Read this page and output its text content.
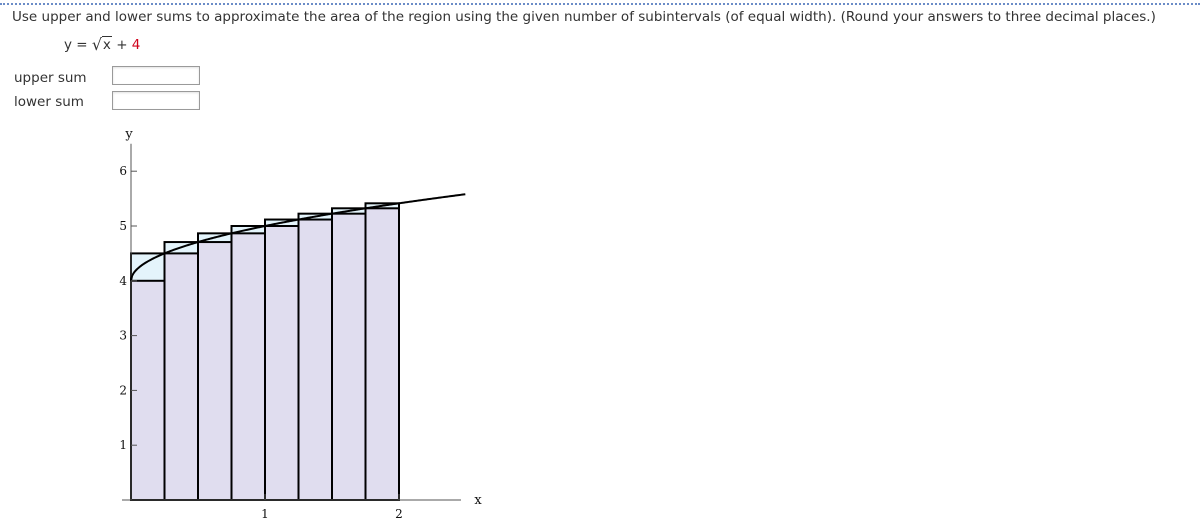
Use upper and lower sums to approximate the area of the region using the given number of subintervals (of equal width). (Round your answers to three decimal places.)
y = √ x + 4
upper sum
lower sum
1
2
3
4
5
6
1	2
y
x
